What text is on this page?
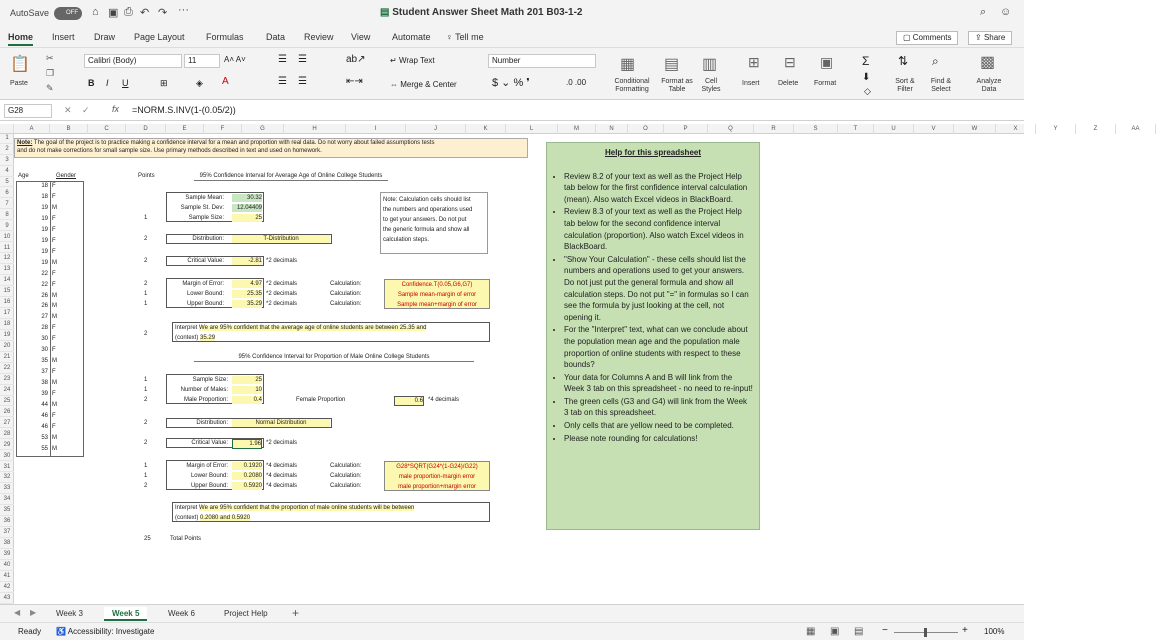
AutoSave	OFF	⌂ ▣ ⎙ ↶ ↷ ···	▤ Student Answer Sheet Math 201 B03-1-2	⌕ ☺
Home Insert Draw Page Layout Formulas Data Review View Automate ♀ Tell me	▢ Comments	⇪ Share
📋
Paste
✂
❐
✎
Calibri (Body)	11	A˄ A˅
B I U	⊞	◈ A
☰ ☰
☰ ☰
ab↗
⇤⇥
↵ Wrap Text
⇔ Merge & Center
Number
$ ⌄ % ❜	.0 .00
▦
Conditional Formatting
▤
Format as Table
▥
Cell Styles
⊞
Insert
⊟
Delete
▣
Format
Σ
⬇
◇
⇅
Sort & Filter
⌕
Find & Select
▩
Analyze Data
G28	✕ ✓ fx =NORM.S.INV(1-(0.05/2))
A	B	C	D	E	F	G	H	I	J	K	L	M	N	O	P	Q	R	S	T	U	V	W	X	Y	Z	AA
1
2
3
4
5
6
7
8
9
10
11
12
13
14
15
16
17
18
19
20
21
22
23
24
25
26
27
28
29
30
31
32
33
34
35
36
37
38
39
40
41
42
43
Note: The goal of the project is to practice making a confidence interval for a mean and proportion with real data. Do not worry about failed assumptions tests
and do not make corrections for small sample size. Use primary methods described in text and used on homework.
Age	Gender	Points
18 F
18 F
19 M
19 F
19 F
19 F
19 F
19 M
22 F
22 F
26 M
26 M
27 M
28 F
30 F
30 F
35 M
37 F
38 M
39 F
44 M
46 F
46 F
53 M
55 M
95% Confidence Interval for Average Age of Online College Students
Sample Mean:	30.32
Sample St. Dev:	12.04409
Sample Size:	25
Distribution:	T-Distribution
Critical Value:	-2.81 *2 decimals
Margin of Error:	4.97 *2 decimals
Lower Bound:	25.35 *2 decimals
Upper Bound:	35.29 *2 decimals
Calculation:
Calculation:
Calculation:
Confidence.T(0.05,G6,G7)
Sample mean-margin of error
Sample mean+margin of error
Interpret We are 95% confident that the average age of online students are between 25.35 and
(context) 35.29
Note: Calculation cells should list
the numbers and operations used
to get your answers. Do not put
the generic formula and show all
calculation steps.
95% Confidence Interval for Proportion of Male Online College Students
Sample Size:	25
Number of Males:	10
Male Proportion:	0.4	Female Proportion	0.6 *4 decimals
Distribution:	Normal Distribution
Critical Value:	1.96 *2 decimals
Margin of Error:	0.1920 *4 decimals
Lower Bound:	0.2080 *4 decimals
Upper Bound:	0.5920 *4 decimals
Calculation:
Calculation:
Calculation:
G28*SQRT(G24*(1-G24)/G22)
male proportion-margin error
male proportion+margin error
Interpret We are 95% confident that the proportion of male online students will be between
(context) 0.2080 and 0.5920
25	Total Points
1
2
2
2
1
1
2
1
1
2
2
2
1
1
2
Help for this spreadsheet
• Review 8.2 of your text as well as the Project Help tab below for the first confidence interval calculation (mean). Also watch Excel videos in BlackBoard.
• Review 8.3 of your text as well as the Project Help tab below for the second confidence interval calculation (proportion). Also watch Excel videos in BlackBoard.
• "Show Your Calculation" - these cells should list the numbers and operations used to get your answers. Do not just put the general formula and show all calculation steps. Do not put "=" in formulas so I can see the formula by just looking at the cell, not opening it.
• For the "Interpret" text, what can we conclude about the population mean age and the population male proportion of online students with respect to these bounds?
• Your data for Columns A and B will link from the Week 3 tab on this spreadsheet - no need to re-input!
• The green cells (G3 and G4) will link from the Week 3 tab on this spreadsheet.
• Only cells that are yellow need to be completed.
• Please note rounding for calculations!
◀ ▶	Week 3	Week 5	Week 6	Project Help	+
Ready ♿ Accessibility: Investigate	▦ ▣ ▤ −	+ 100%
